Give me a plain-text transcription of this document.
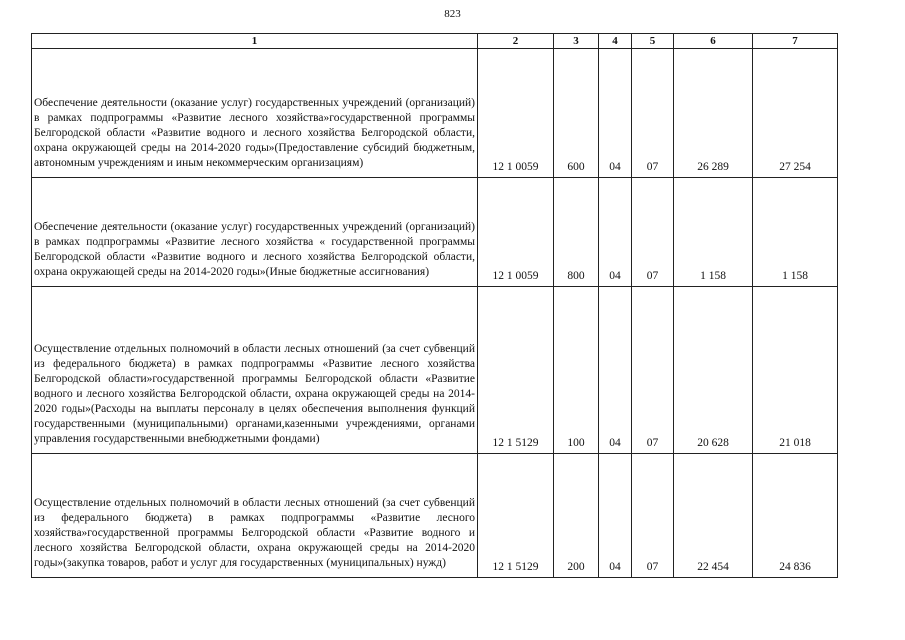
823
1	2	3	4	5	6	7
Обеспечение деятельности (оказание услуг) государственных учреждений (организаций) в рамках подпрограммы «Развитие лесного хозяйства»государственной программы Белгородской области «Развитие водного и лесного хозяйства Белгородской области, охрана окружающей среды на 2014-2020 годы»(Предоставление субсидий бюджетным, автономным учреждениям и иным некоммерческим организациям)	12 1 0059	600	04	07	26 289	27 254
Обеспечение деятельности (оказание услуг) государственных учреждений (организаций) в рамках подпрограммы «Развитие лесного хозяйства « государственной программы Белгородской области «Развитие водного и лесного хозяйства Белгородской области, охрана окружающей среды на 2014-2020 годы»(Иные бюджетные ассигнования)	12 1 0059	800	04	07	1 158	1 158
Осуществление отдельных полномочий в области лесных отношений (за счет субвенций из федерального бюджета) в рамках подпрограммы «Развитие лесного хозяйства Белгородской области»государственной программы Белгородской области «Развитие водного и лесного хозяйства Белгородской области, охрана окружающей среды на 2014-2020 годы»(Расходы на выплаты персоналу в целях обеспечения выполнения функций государственными (муниципальными) органами,казенными учреждениями, органами управления государственными внебюджетными фондами)	12 1 5129	100	04	07	20 628	21 018
Осуществление отдельных полномочий в области лесных отношений (за счет субвенций из федерального бюджета) в рамках подпрограммы «Развитие лесного хозяйства»государственной программы Белгородской области «Развитие водного и лесного хозяйства Белгородской области, охрана окружающей среды на 2014-2020 годы»(закупка товаров, работ и услуг для государственных (муниципальных) нужд)	12 1 5129	200	04	07	22 454	24 836
